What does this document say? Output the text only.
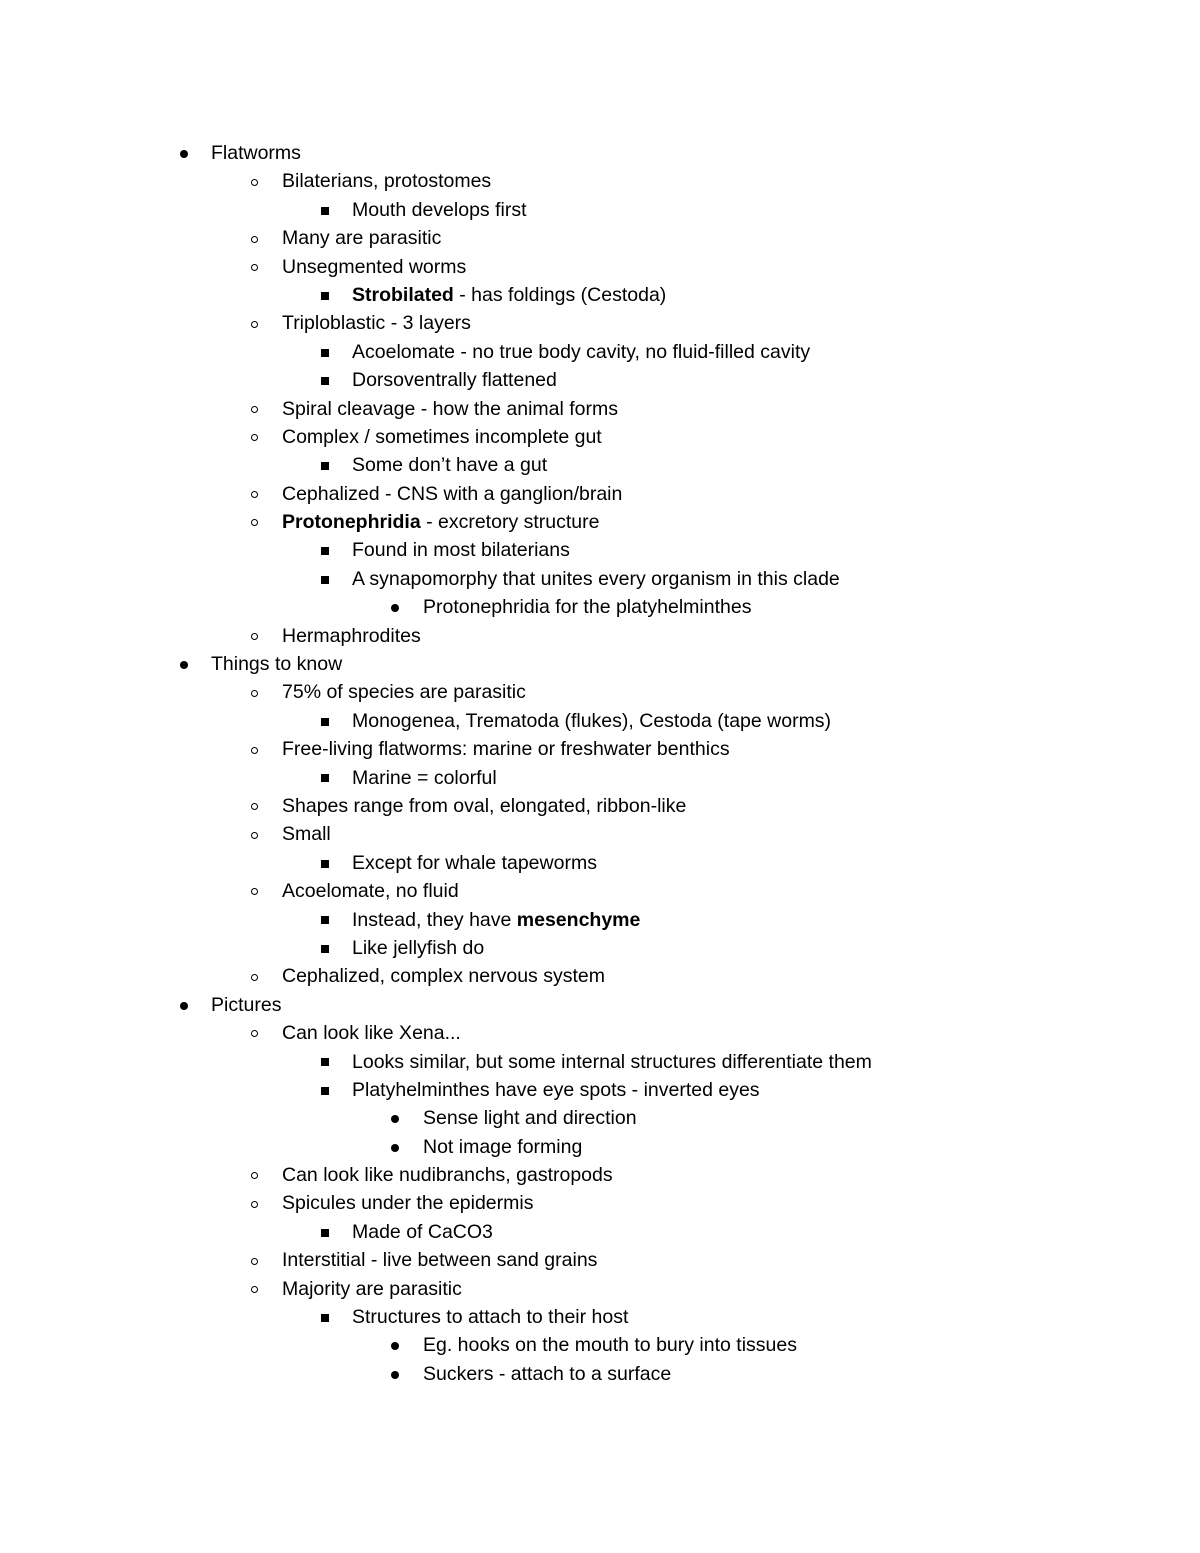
Flatworms
Bilaterians, protostomes
Mouth develops first
Many are parasitic
Unsegmented worms
Strobilated - has foldings (Cestoda)
Triploblastic - 3 layers
Acoelomate - no true body cavity, no fluid-filled cavity
Dorsoventrally flattened
Spiral cleavage - how the animal forms
Complex / sometimes incomplete gut
Some don’t have a gut
Cephalized - CNS with a ganglion/brain
Protonephridia - excretory structure
Found in most bilaterians
A synapomorphy that unites every organism in this clade
Protonephridia for the platyhelminthes
Hermaphrodites
Things to know
75% of species are parasitic
Monogenea, Trematoda (flukes), Cestoda (tape worms)
Free-living flatworms: marine or freshwater benthics
Marine = colorful
Shapes range from oval, elongated, ribbon-like
Small
Except for whale tapeworms
Acoelomate, no fluid
Instead, they have mesenchyme
Like jellyfish do
Cephalized, complex nervous system
Pictures
Can look like Xena...
Looks similar, but some internal structures differentiate them
Platyhelminthes have eye spots - inverted eyes
Sense light and direction
Not image forming
Can look like nudibranchs, gastropods
Spicules under the epidermis
Made of CaCO3
Interstitial - live between sand grains
Majority are parasitic
Structures to attach to their host
Eg. hooks on the mouth to bury into tissues
Suckers - attach to a surface
